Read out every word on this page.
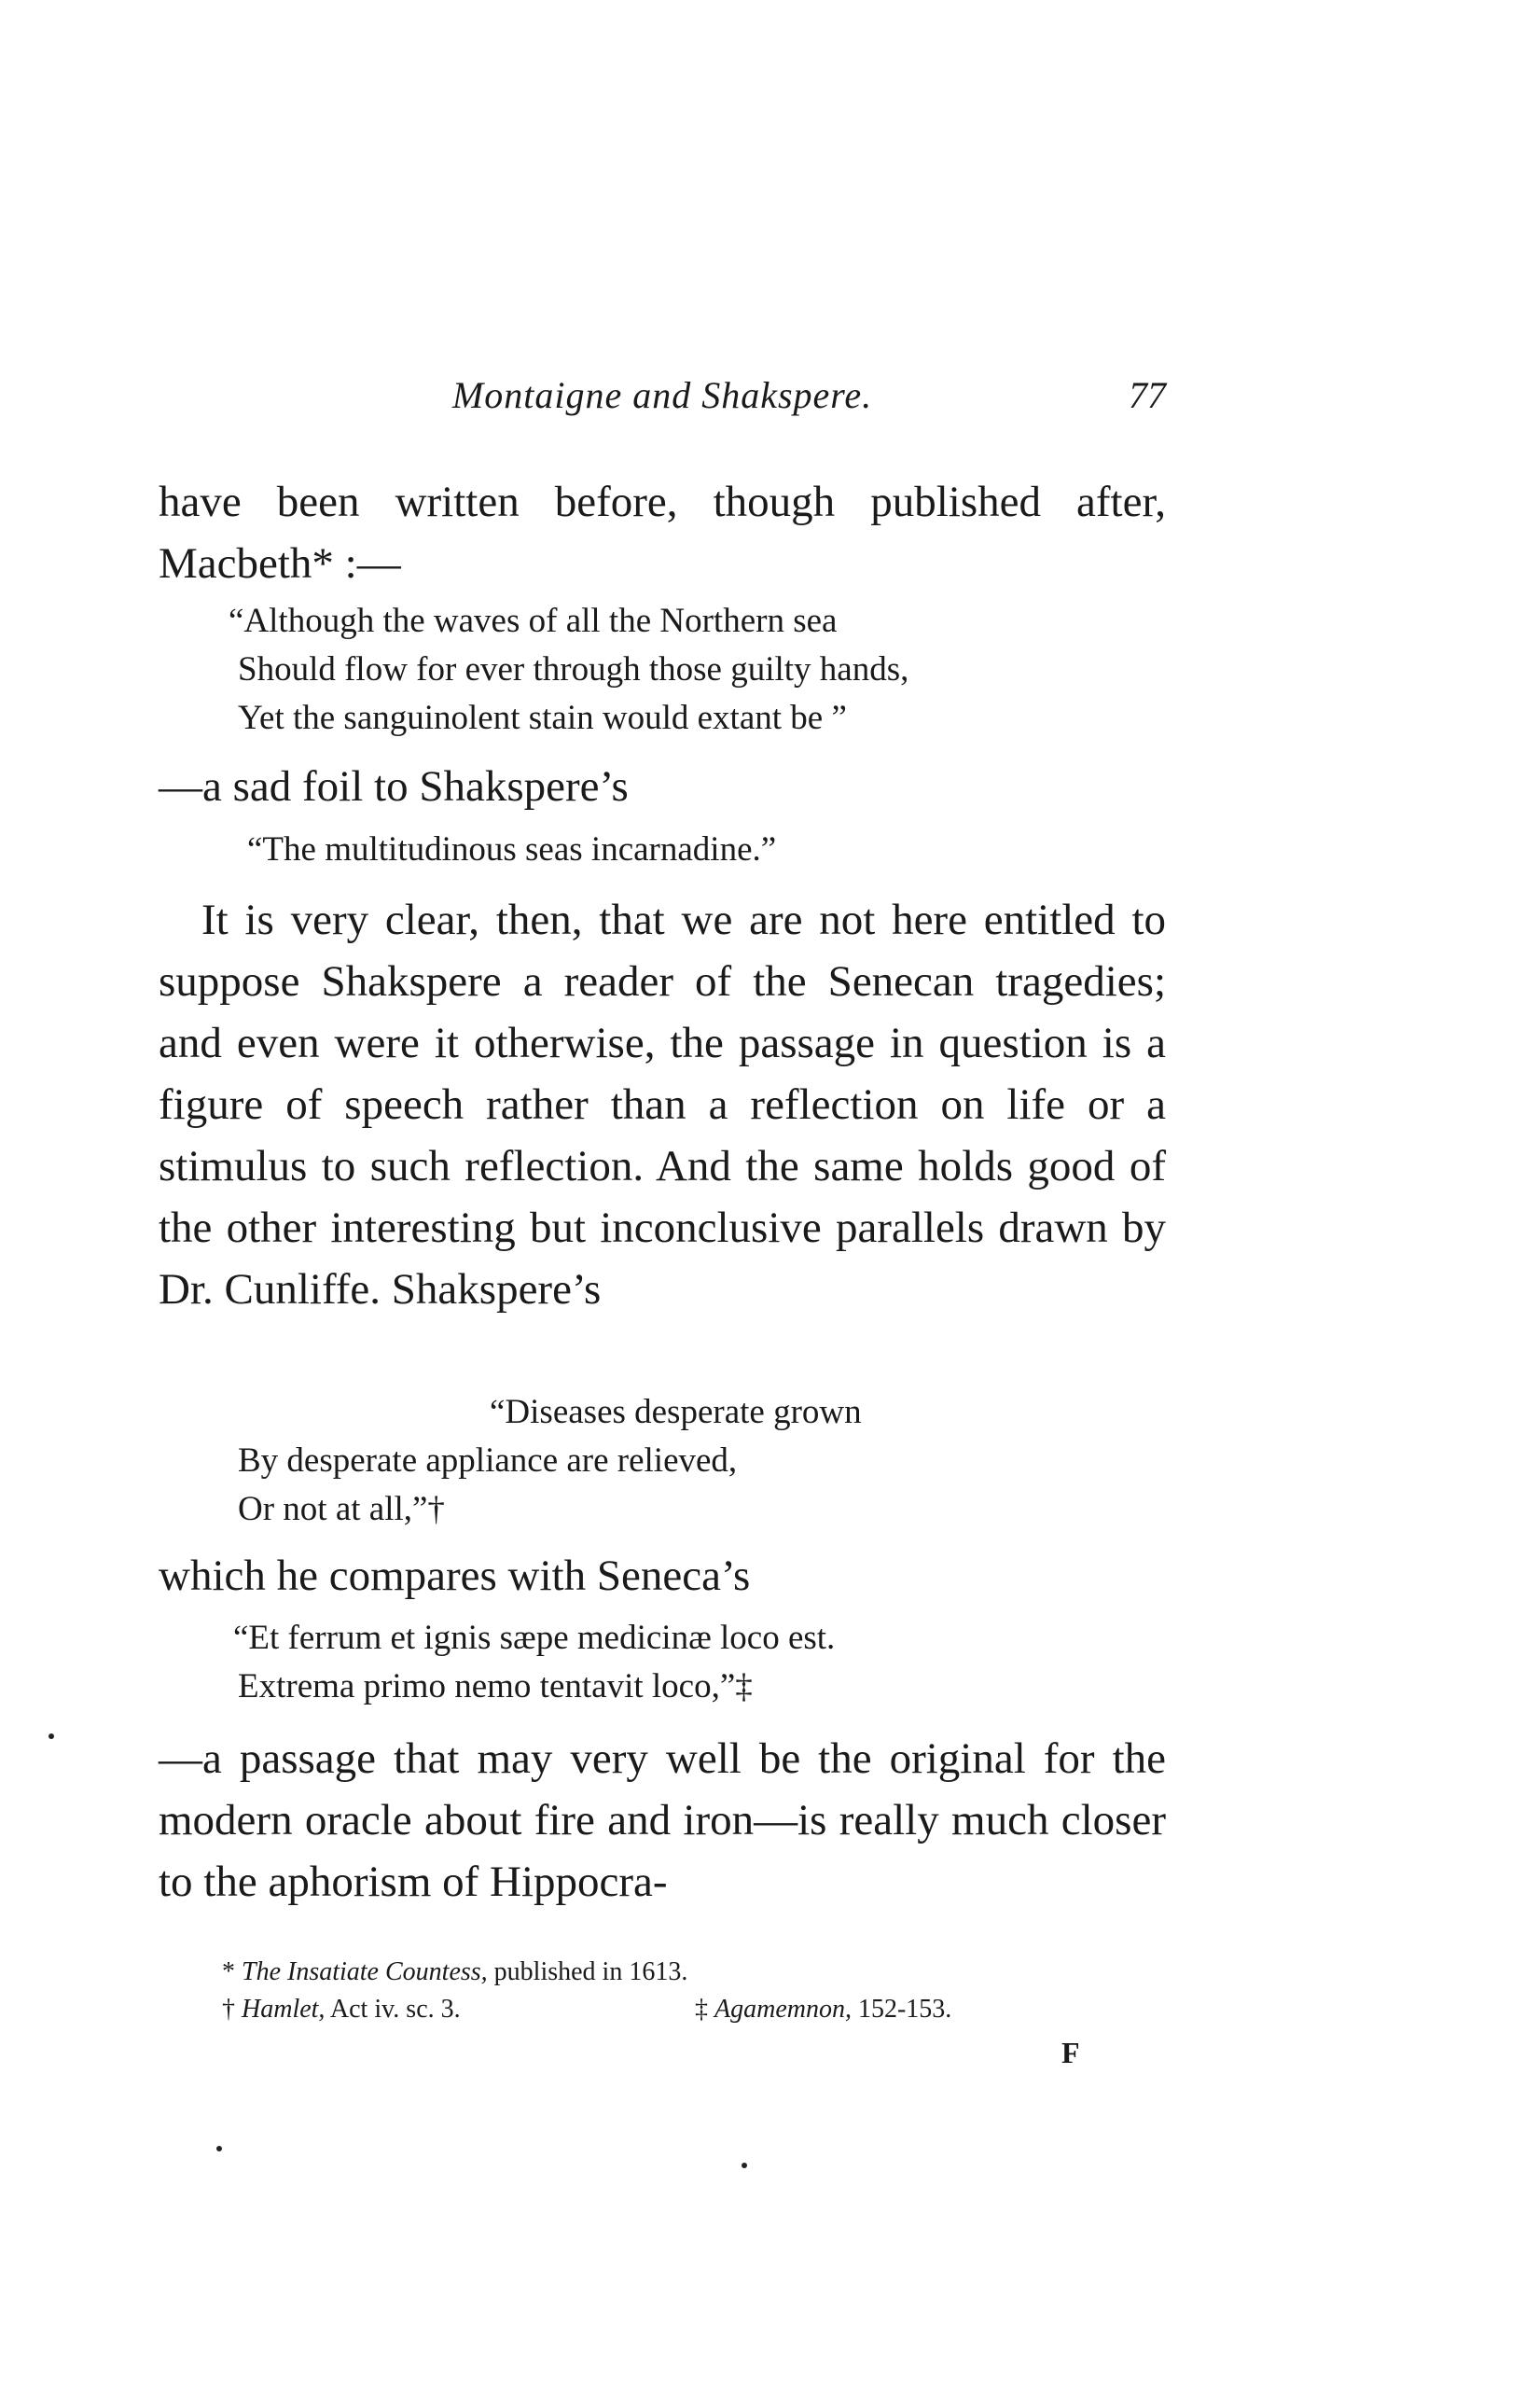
Montaigne and Shakspere.	77

have been written before, though published after, Macbeth* :—

“Although the waves of all the Northern sea
Should flow for ever through those guilty hands,
Yet the sanguinolent stain would extant be ”

—a sad foil to Shakspere’s

“The multitudinous seas incarnadine.”

It is very clear, then, that we are not here entitled to suppose Shakspere a reader of the Senecan tragedies; and even were it otherwise, the passage in question is a figure of speech rather than a reflection on life or a stimulus to such reflection. And the same holds good of the other interesting but inconclusive parallels drawn by Dr. Cunliffe. Shakspere’s

“Diseases desperate grown
By desperate appliance are relieved,
Or not at all,”†

which he compares with Seneca’s

“Et ferrum et ignis sæpe medicinæ loco est.
Extrema primo nemo tentavit loco,”‡

—a passage that may very well be the original for the modern oracle about fire and iron—is really much closer to the aphorism of Hippocra-

* The Insatiate Countess, published in 1613.
† Hamlet, Act iv. sc. 3.	‡ Agamemnon, 152-153.
F
